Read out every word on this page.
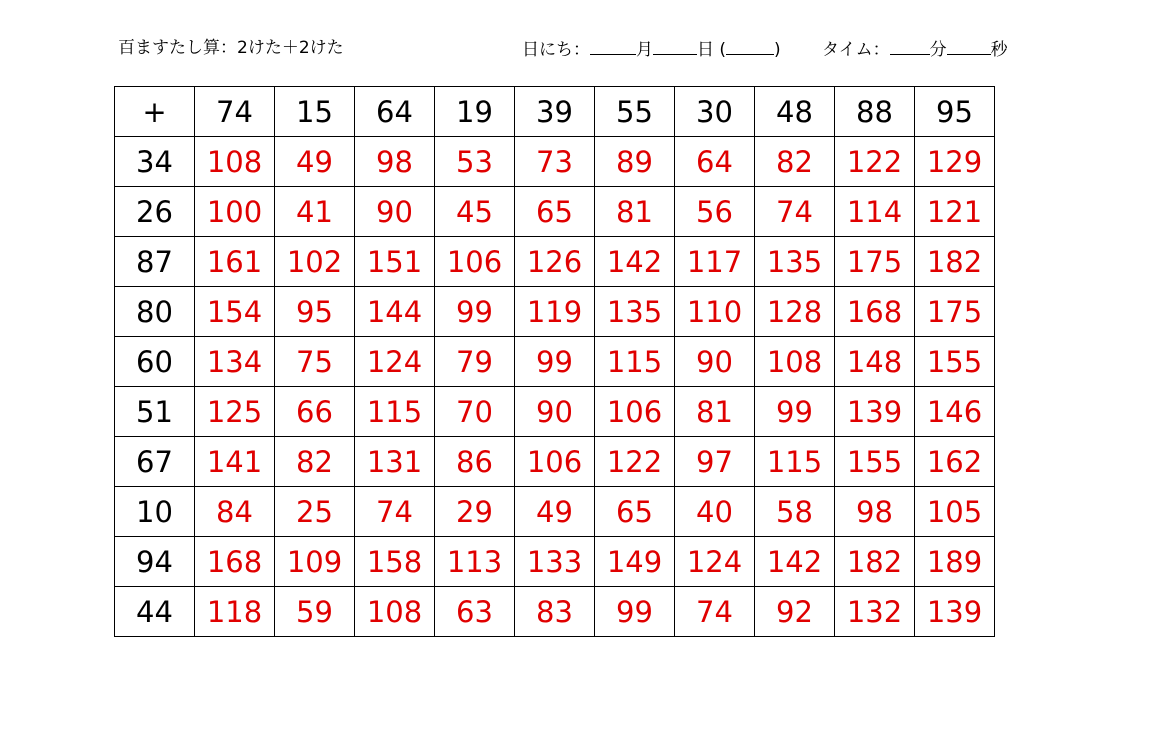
百ますたし算：2けた＋2けた	日にち：	月	日 (	) タイム： 分	秒
+	74	15	64	19	39	55	30	48	88	95
34	108	49	98	53	73	89	64	82	122	129
26	100	41	90	45	65	81	56	74	114	121
87	161	102	151	106	126	142	117	135	175	182
80	154	95	144	99	119	135	110	128	168	175
60	134	75	124	79	99	115	90	108	148	155
51	125	66	115	70	90	106	81	99	139	146
67	141	82	131	86	106	122	97	115	155	162
10	84	25	74	29	49	65	40	58	98	105
94	168	109	158	113	133	149	124	142	182	189
44	118	59	108	63	83	99	74	92	132	139
